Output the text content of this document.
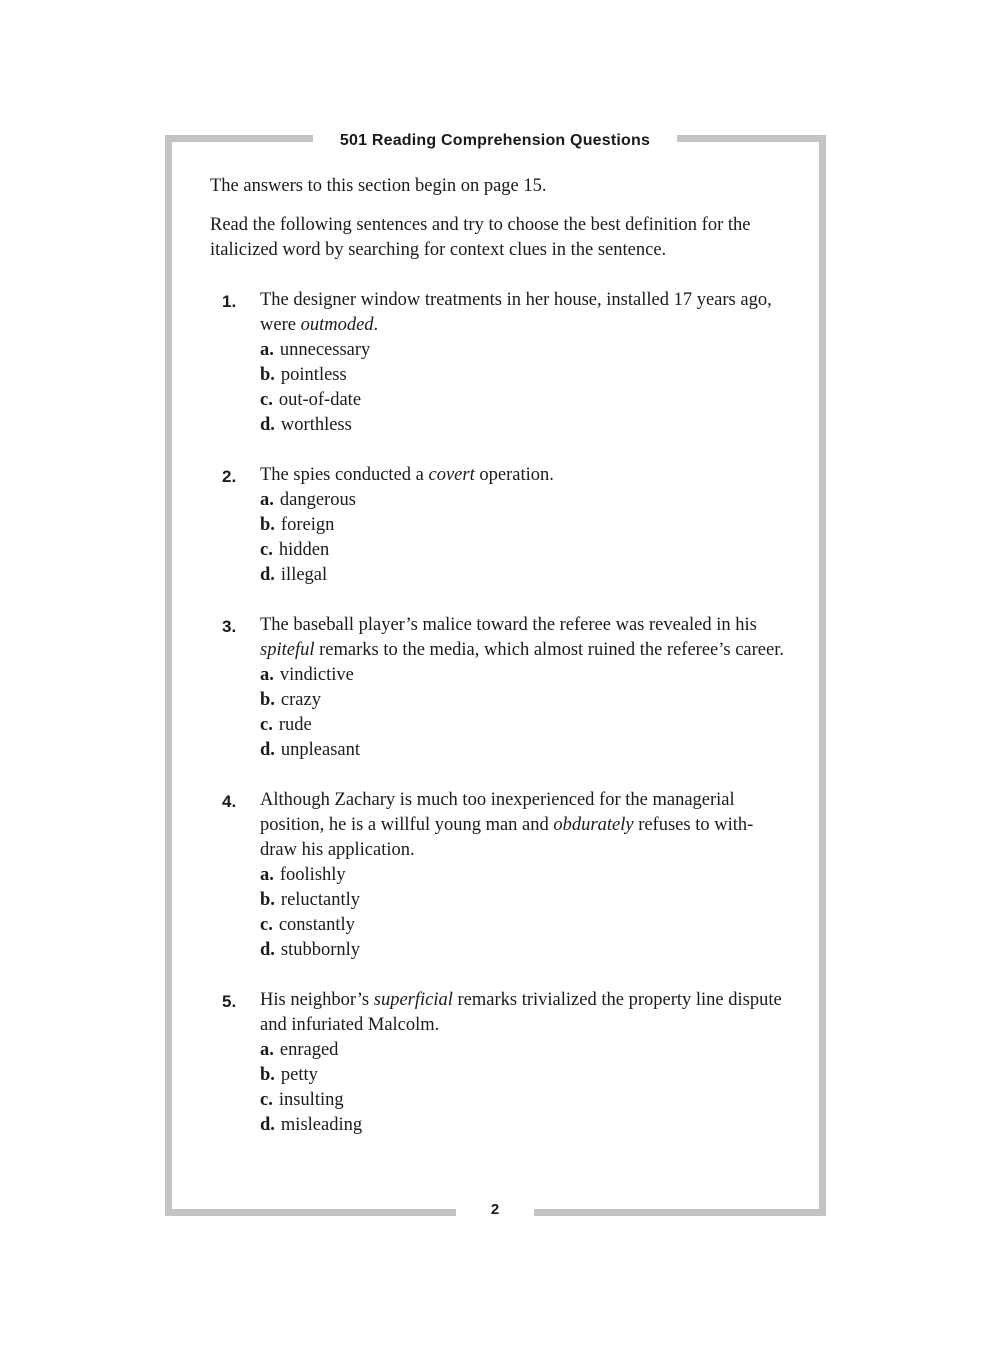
501 Reading Comprehension Questions

The answers to this section begin on page 15.

Read the following sentences and try to choose the best definition for the italicized word by searching for context clues in the sentence.

1. The designer window treatments in her house, installed 17 years ago, were outmoded.

a. unnecessary
b. pointless
c. out-of-date
d. worthless
2. The spies conducted a covert operation.

a. dangerous
b. foreign
c. hidden
d. illegal
3. The baseball player’s malice toward the referee was revealed in his spiteful remarks to the media, which almost ruined the referee’s career.

a. vindictive
b. crazy
c. rude
d. unpleasant
4. Although Zachary is much too inexperienced for the managerial position, he is a willful young man and obdurately refuses to with-draw his application.

a. foolishly
b. reluctantly
c. constantly
d. stubbornly
5. His neighbor’s superficial remarks trivialized the property line dispute and infuriated Malcolm.

a. enraged
b. petty
c. insulting
d. misleading
2
